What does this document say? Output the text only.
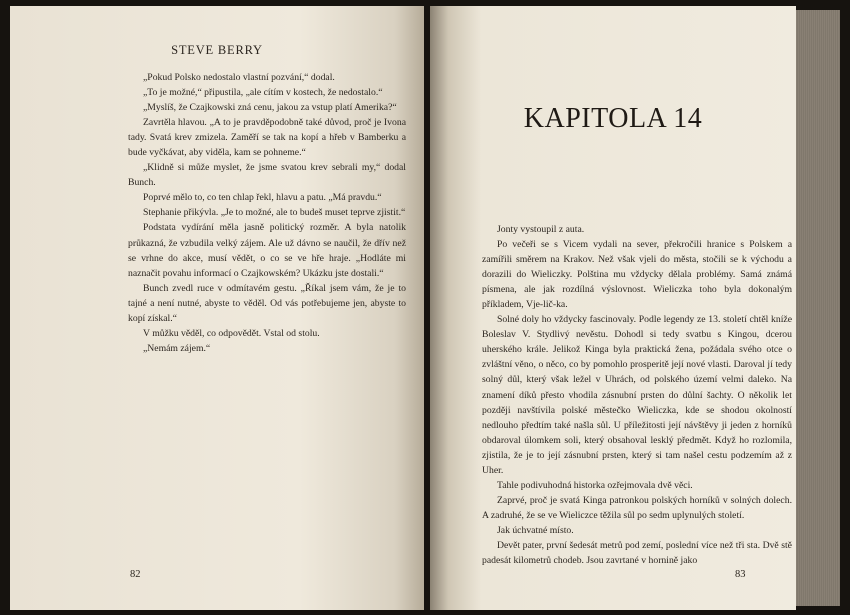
STEVE BERRY

„Pokud Polsko nedostalo vlastní pozvání,“ dodal.

„To je možné,“ připustila, „ale cítím v kostech, že nedostalo.“

„Myslíš, že Czajkowski zná cenu, jakou za vstup platí Amerika?“

Zavrtěla hlavou. „A to je pravděpodobně také důvod, proč je Ivona tady. Svatá krev zmizela. Zaměří se tak na kopí a hřeb v Bamberku a bude vyčkávat, aby viděla, kam se pohneme.“

„Klidně si může myslet, že jsme svatou krev sebrali my,“ dodal Bunch.

Poprvé mělo to, co ten chlap řekl, hlavu a patu. „Má pravdu.“

Stephanie přikývla. „Je to možné, ale to budeš muset teprve zjistit.“

Podstata vydírání měla jasně politický rozměr. A byla natolik průkazná, že vzbudila velký zájem. Ale už dávno se naučil, že dřív než se vrhne do akce, musí vědět, o co se ve hře hraje. „Hodláte mi naznačit povahu informací o Czajkowském? Ukázku jste dostali.“

Bunch zvedl ruce v odmítavém gestu. „Říkal jsem vám, že je to tajné a není nutné, abyste to věděl. Od vás potřebujeme jen, abyste to kopí získal.“

V můžku věděl, co odpovědět. Vstal od stolu.

„Nemám zájem.“

82
KAPITOLA 14

Jonty vystoupil z auta.

Po večeři se s Vicem vydali na sever, překročili hranice s Polskem a zamířili směrem na Krakov. Než však vjeli do města, stočili se k východu a dorazili do Wieliczky. Polština mu vždycky dělala problémy. Samá známá písmena, ale jak rozdílná výslovnost. Wieliczka toho byla dokonalým příkladem, Vje-lič-ka.

Solné doly ho vždycky fascinovaly. Podle legendy ze 13. století chtěl kníže Boleslav V. Stydlivý nevěstu. Dohodl si tedy svatbu s Kingou, dcerou uherského krále. Jelikož Kinga byla praktická žena, požádala svého otce o zvláštní věno, o něco, co by pomohlo prosperitě její nové vlasti. Daroval jí tedy solný důl, který však ležel v Uhrách, od polského území velmi daleko. Na znamení díků přesto vhodila zásnubní prsten do důlní šachty. O několik let později navštívila polské městečko Wieliczka, kde se shodou okolností nedlouho předtím také našla sůl. U příležitosti její návštěvy ji jeden z horníků obdaroval úlomkem soli, který obsahoval lesklý předmět. Když ho rozlomila, zjistila, že je to její zásnubní prsten, který si tam našel cestu podzemím až z Uher.

Tahle podivuhodná historka ozřejmovala dvě věci.

Zaprvé, proč je svatá Kinga patronkou polských horníků v solných dolech. A zadruhé, že se ve Wieliczce těžila sůl po sedm uplynulých století.

Jak úchvatné místo.

Devět pater, první šedesát metrů pod zemí, poslední více než tři sta. Dvě stě padesát kilometrů chodeb. Jsou zavrtané v hornině jako

83
